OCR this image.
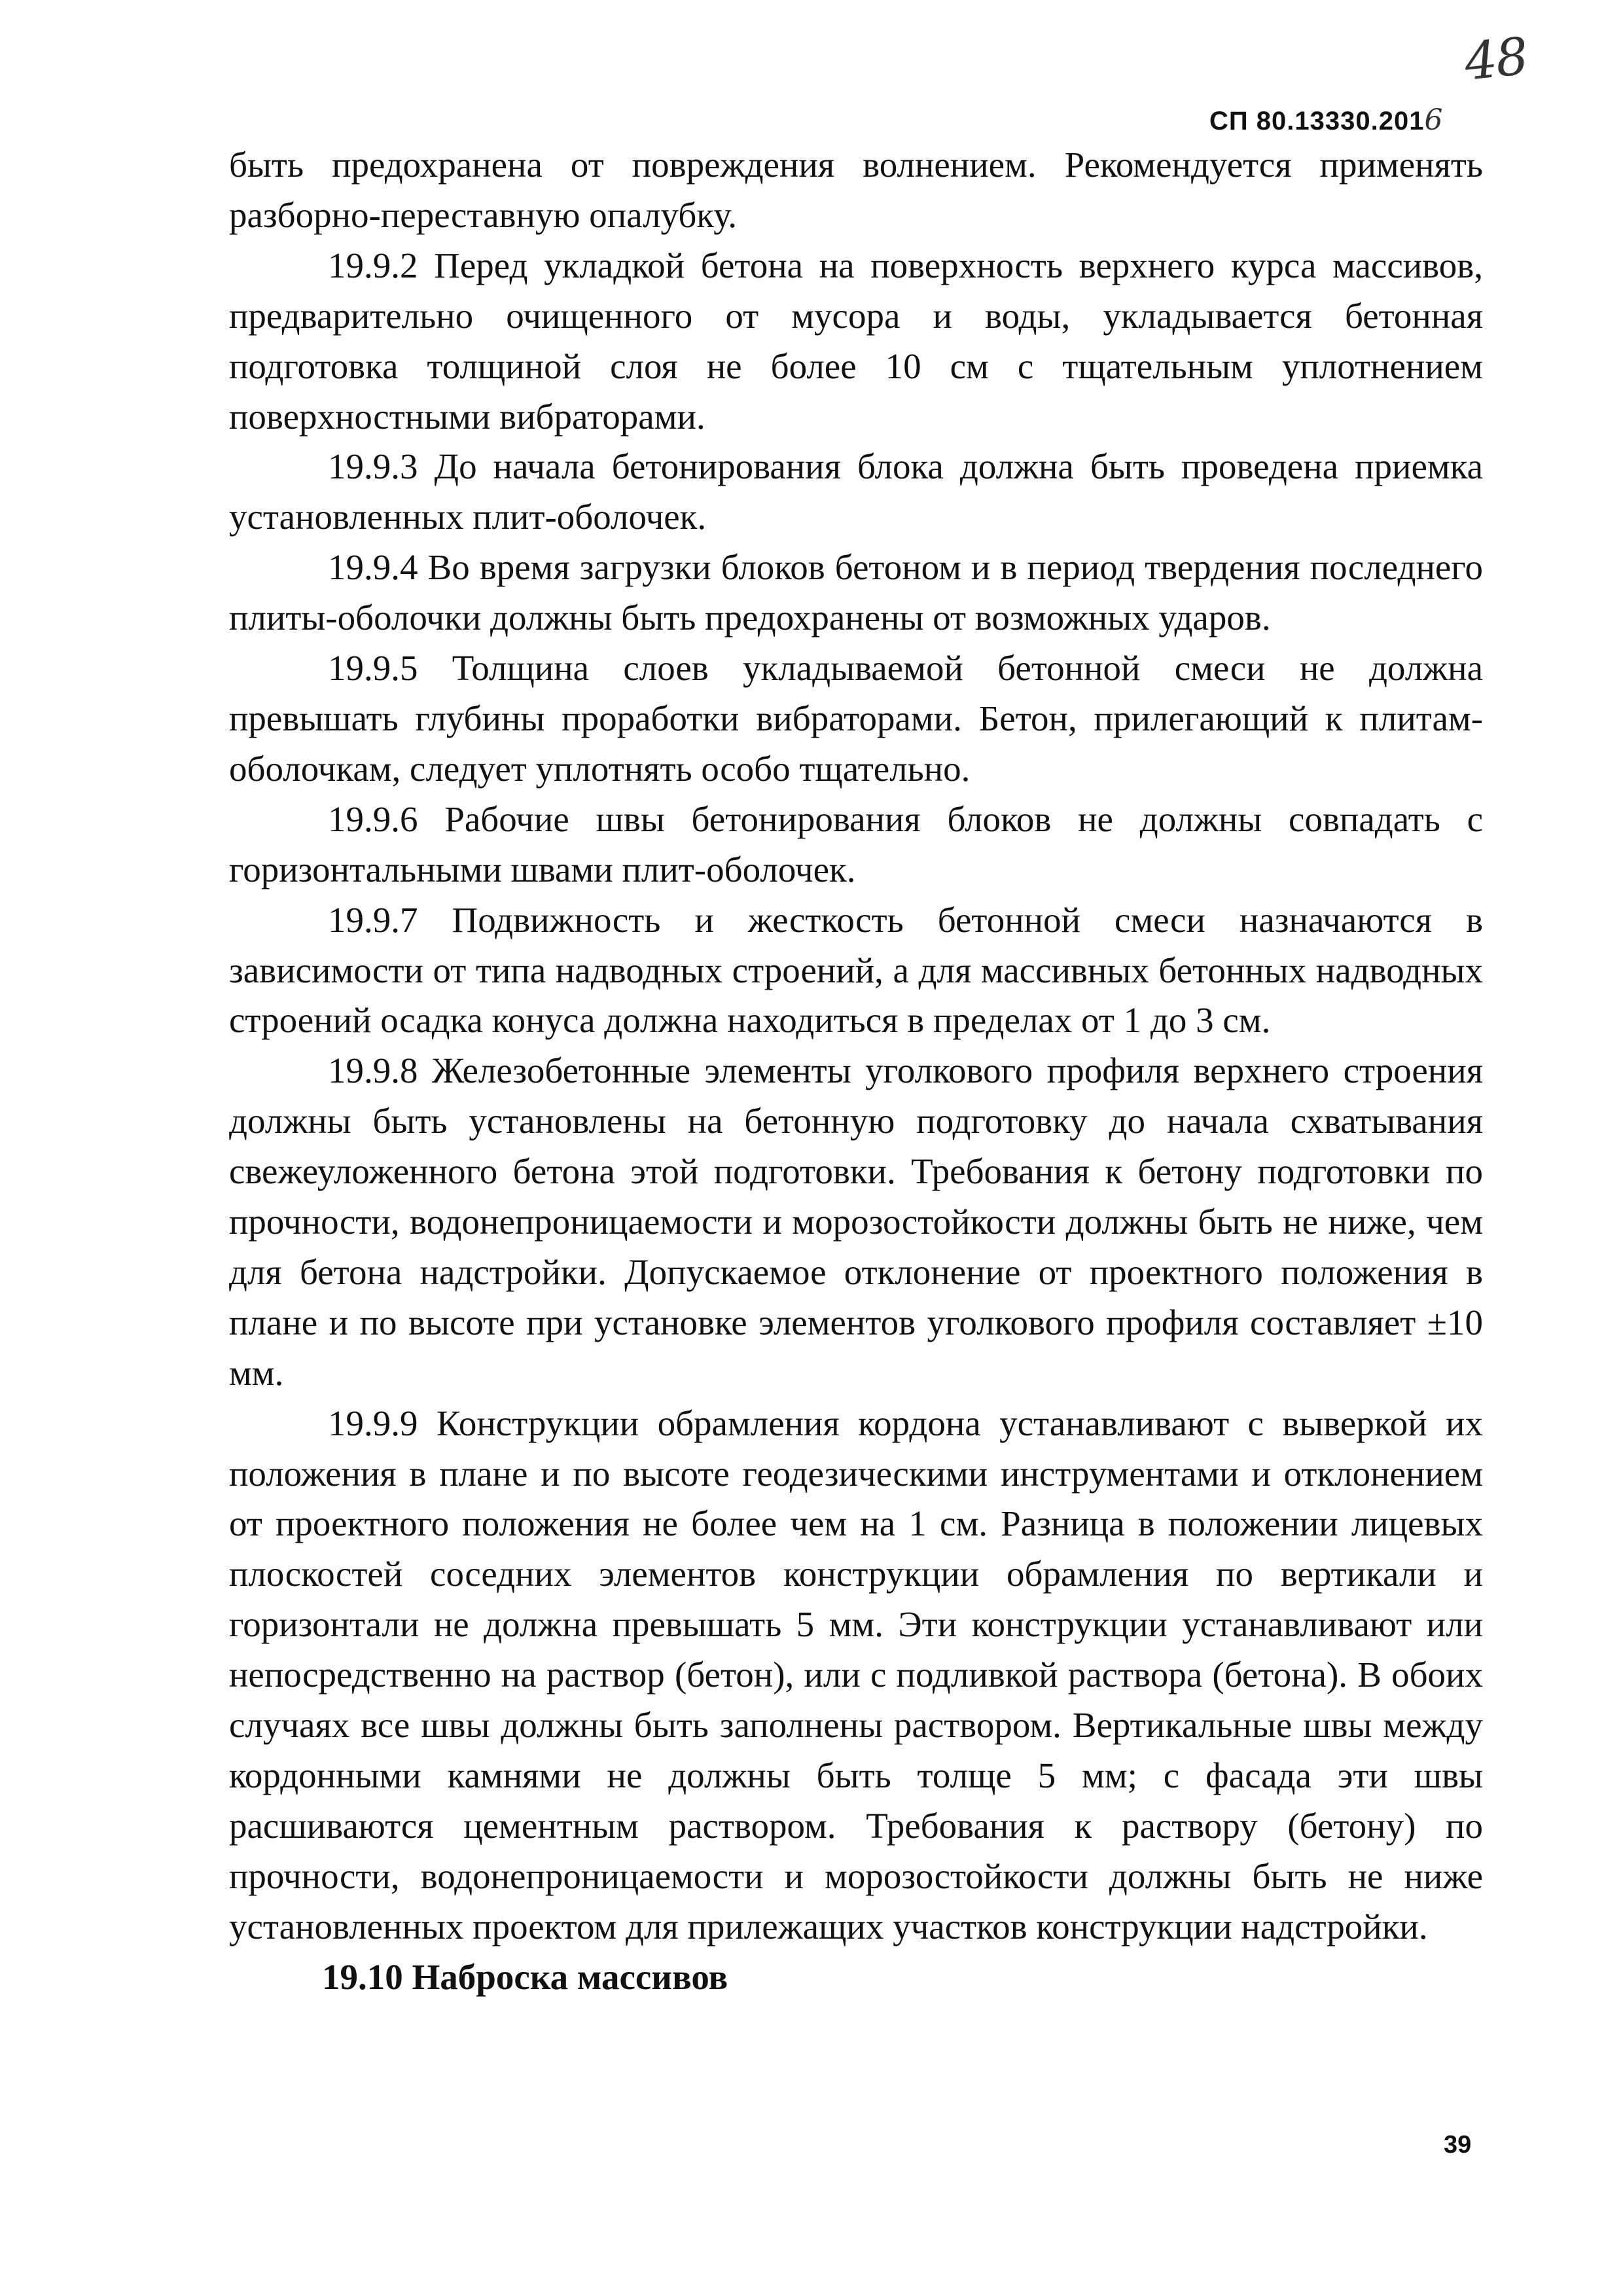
48
СП 80.13330.2016

быть предохранена от повреждения волнением. Рекомендуется применять разборно-переставную опалубку.

19.9.2 Перед укладкой бетона на поверхность верхнего курса массивов, предварительно очищенного от мусора и воды, укладывается бетонная подготовка толщиной слоя не более 10 см с тщательным уплотнением поверхностными вибраторами.

19.9.3 До начала бетонирования блока должна быть проведена приемка установленных плит-оболочек.

19.9.4 Во время загрузки блоков бетоном и в период твердения последнего плиты-оболочки должны быть предохранены от возможных ударов.

19.9.5 Толщина слоев укладываемой бетонной смеси не должна превышать глубины проработки вибраторами. Бетон, прилегающий к плитам-оболочкам, следует уплотнять особо тщательно.

19.9.6 Рабочие швы бетонирования блоков не должны совпадать с горизонтальными швами плит-оболочек.

19.9.7 Подвижность и жесткость бетонной смеси назначаются в зависимости от типа надводных строений, а для массивных бетонных надводных строений осадка конуса должна находиться в пределах от 1 до 3 см.

19.9.8 Железобетонные элементы уголкового профиля верхнего строения должны быть установлены на бетонную подготовку до начала схватывания свежеуложенного бетона этой подготовки. Требования к бетону подготовки по прочности, водонепроницаемости и морозостойкости должны быть не ниже, чем для бетона надстройки. Допускаемое отклонение от проектного положения в плане и по высоте при установке элементов уголкового профиля составляет ±10 мм.

19.9.9 Конструкции обрамления кордона устанавливают с выверкой их положения в плане и по высоте геодезическими инструментами и отклонением от проектного положения не более чем на 1 см. Разница в положении лицевых плоскостей соседних элементов конструкции обрамления по вертикали и горизонтали не должна превышать 5 мм. Эти конструкции устанавливают или непосредственно на раствор (бетон), или с подливкой раствора (бетона). В обоих случаях все швы должны быть заполнены раствором. Вертикальные швы между кордонными камнями не должны быть толще 5 мм; с фасада эти швы расшиваются цементным раствором. Требования к раствору (бетону) по прочности, водонепроницаемости и морозостойкости должны быть не ниже установленных проектом для прилежащих участков конструкции надстройки.

19.10 Наброска массивов

39
